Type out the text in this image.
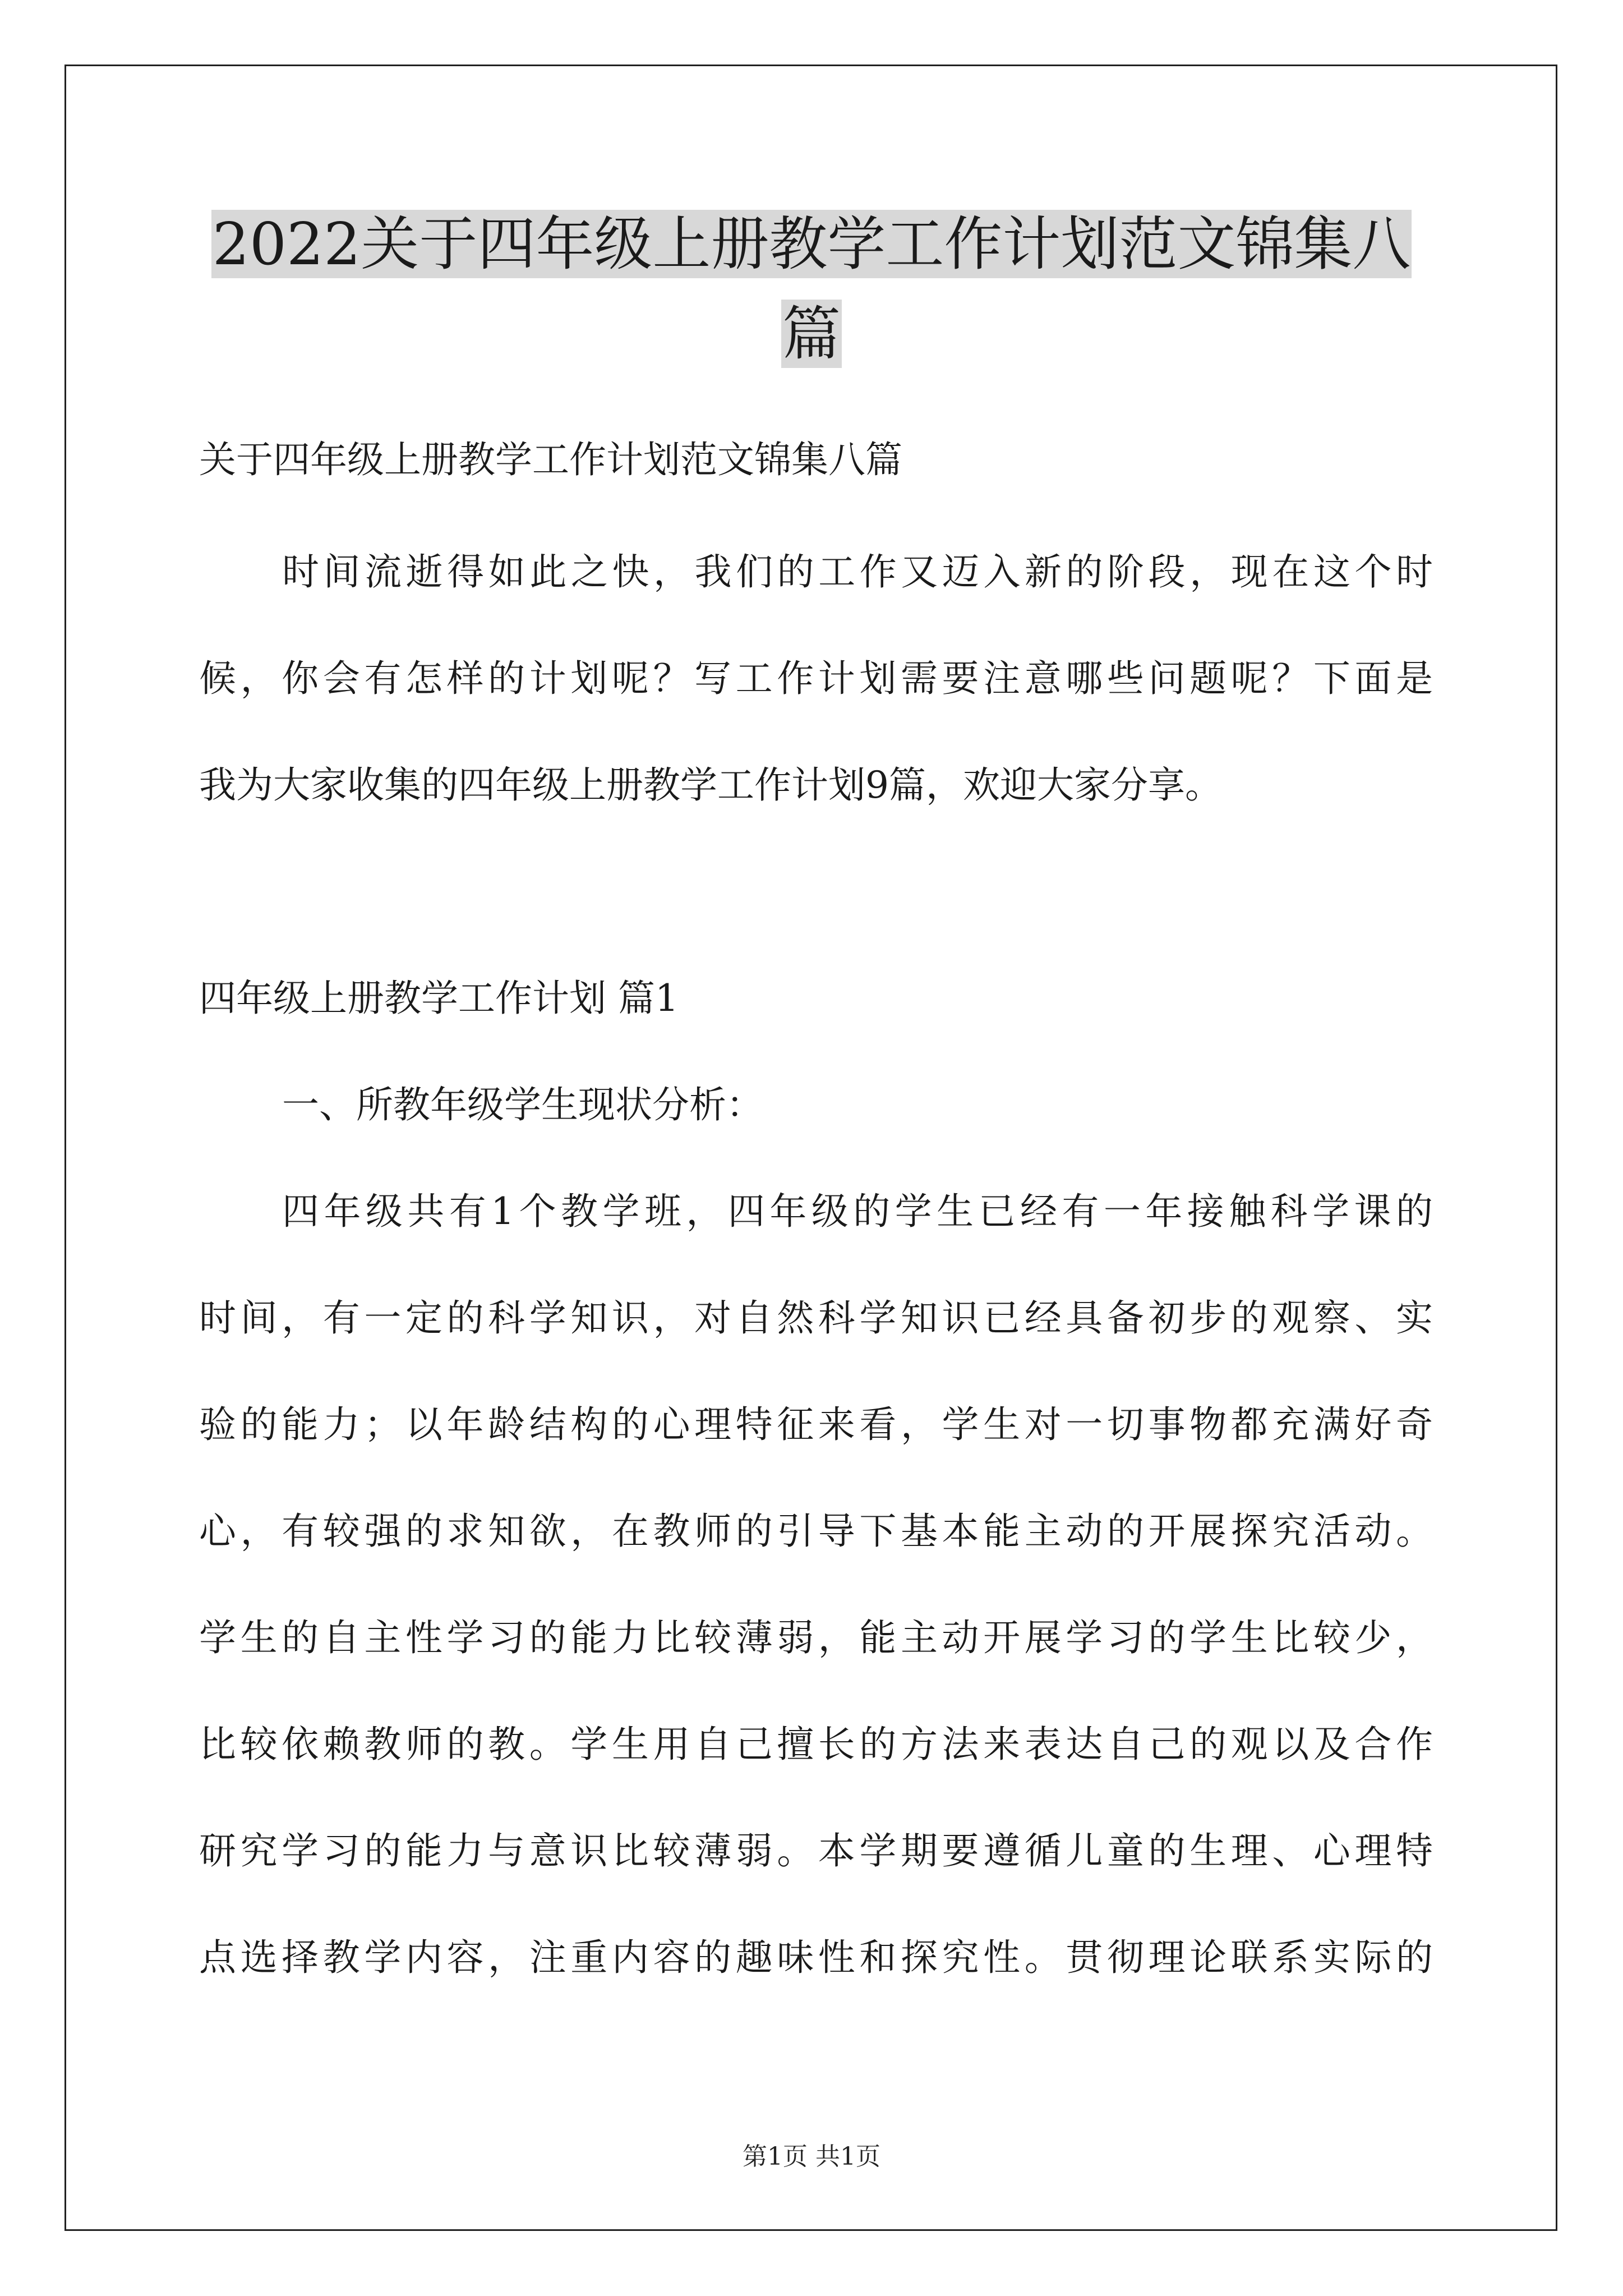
2022关于四年级上册教学工作计划范文锦集八
篇

关于四年级上册教学工作计划范文锦集八篇

时间流逝得如此之快，我们的工作又迈入新的阶段，现在这个时

候，你会有怎样的计划呢？写工作计划需要注意哪些问题呢？下面是

我为大家收集的四年级上册教学工作计划9篇，欢迎大家分享。

四年级上册教学工作计划 篇1

一、所教年级学生现状分析：

四年级共有1个教学班，四年级的学生已经有一年接触科学课的

时间，有一定的科学知识，对自然科学知识已经具备初步的观察、实

验的能力；以年龄结构的心理特征来看，学生对一切事物都充满好奇

心，有较强的求知欲，在教师的引导下基本能主动的开展探究活动。

学生的自主性学习的能力比较薄弱，能主动开展学习的学生比较少，

比较依赖教师的教。学生用自己擅长的方法来表达自己的观以及合作

研究学习的能力与意识比较薄弱。本学期要遵循儿童的生理、心理特

点选择教学内容，注重内容的趣味性和探究性。贯彻理论联系实际的

第1页 共1页
